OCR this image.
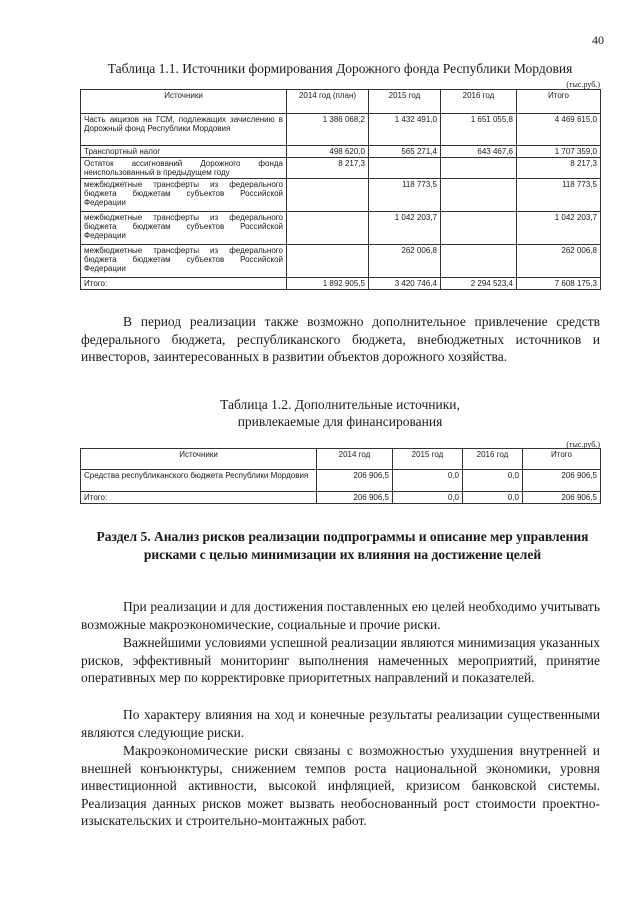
40
Таблица 1.1. Источники формирования Дорожного фонда Республики Мордовия
(тыс.руб.)
Источники	2014 год (план)	2015 год	2016 год	Итого
Часть акцизов на ГСМ, подлежащих зачислению в Дорожный фонд Республики Мордовия	1 386 068,2	1 432 491,0	1 651 055,8	4 469 615,0
Транспортный налог	498 620,0	565 271,4	643 467,6	1 707 359,0
Остаток ассигнований Дорожного фонда неиспользованный в предыдущем году	8 217,3			8 217,3
межбюджетные трансферты из федерального бюджета бюджетам субъектов Российской Федерации		118 773,5		118 773,5
межбюджетные трансферты из федерального бюджета бюджетам субъектов Российской Федерации		1 042 203,7		1 042 203,7
межбюджетные трансферты из федерального бюджета бюджетам субъектов Российской Федерации		262 006,8		262 006,8
Итого:	1 892 905,5	3 420 746,4	2 294 523,4	7 608 175,3
В период реализации также возможно дополнительное привлечение средств федерального бюджета, республиканского бюджета, внебюджетных источников и инвесторов, заинтересованных в развитии объектов дорожного хозяйства.
Таблица 1.2. Дополнительные источники,
привлекаемые для финансирования
(тыс.руб.)
Источники	2014 год	2015 год	2016 год	Итого
Средства республиканского бюджета Республики Мордовия	206 906,5	0,0	0,0	206 906,5
Итого:	206 906,5	0,0	0,0	206 906,5
Раздел 5. Анализ рисков реализации подпрограммы и описание мер управления рисками с целью минимизации их влияния на достижение целей
При реализации и для достижения поставленных ею целей необходимо учитывать возможные макроэкономические, социальные и прочие риски.
Важнейшими условиями успешной реализации являются минимизация указанных рисков, эффективный мониторинг выполнения намеченных мероприятий, принятие оперативных мер по корректировке приоритетных направлений и показателей.
По характеру влияния на ход и конечные результаты реализации существенными являются следующие риски.
Макроэкономические риски связаны с возможностью ухудшения внутренней и внешней конъюнктуры, снижением темпов роста национальной экономики, уровня инвестиционной активности, высокой инфляцией, кризисом банковской системы. Реализация данных рисков может вызвать необоснованный рост стоимости проектно-изыскательских и строительно-монтажных работ.
